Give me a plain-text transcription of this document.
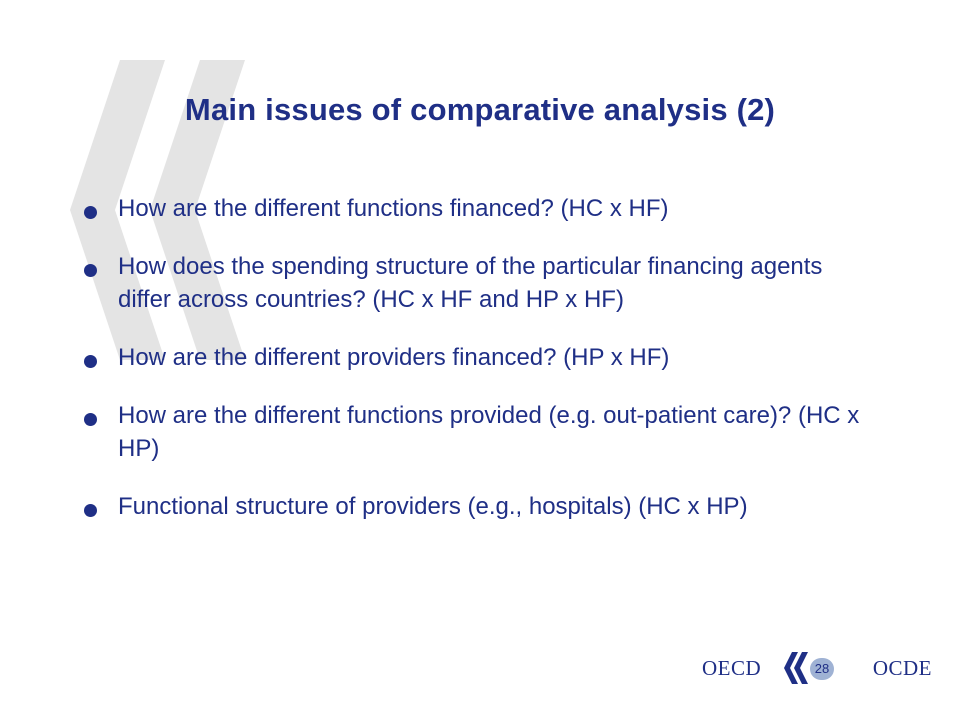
Main issues of comparative analysis (2)
How are the different functions financed? (HC x HF)
How does the spending structure of the particular financing agents differ across countries? (HC x HF and HP x HF)
How are the different providers financed? (HP x HF)
How are the different functions provided (e.g. out-patient care)? (HC x HP)
Functional structure of providers (e.g., hospitals) (HC x HP)
OECD	28 OCDE
